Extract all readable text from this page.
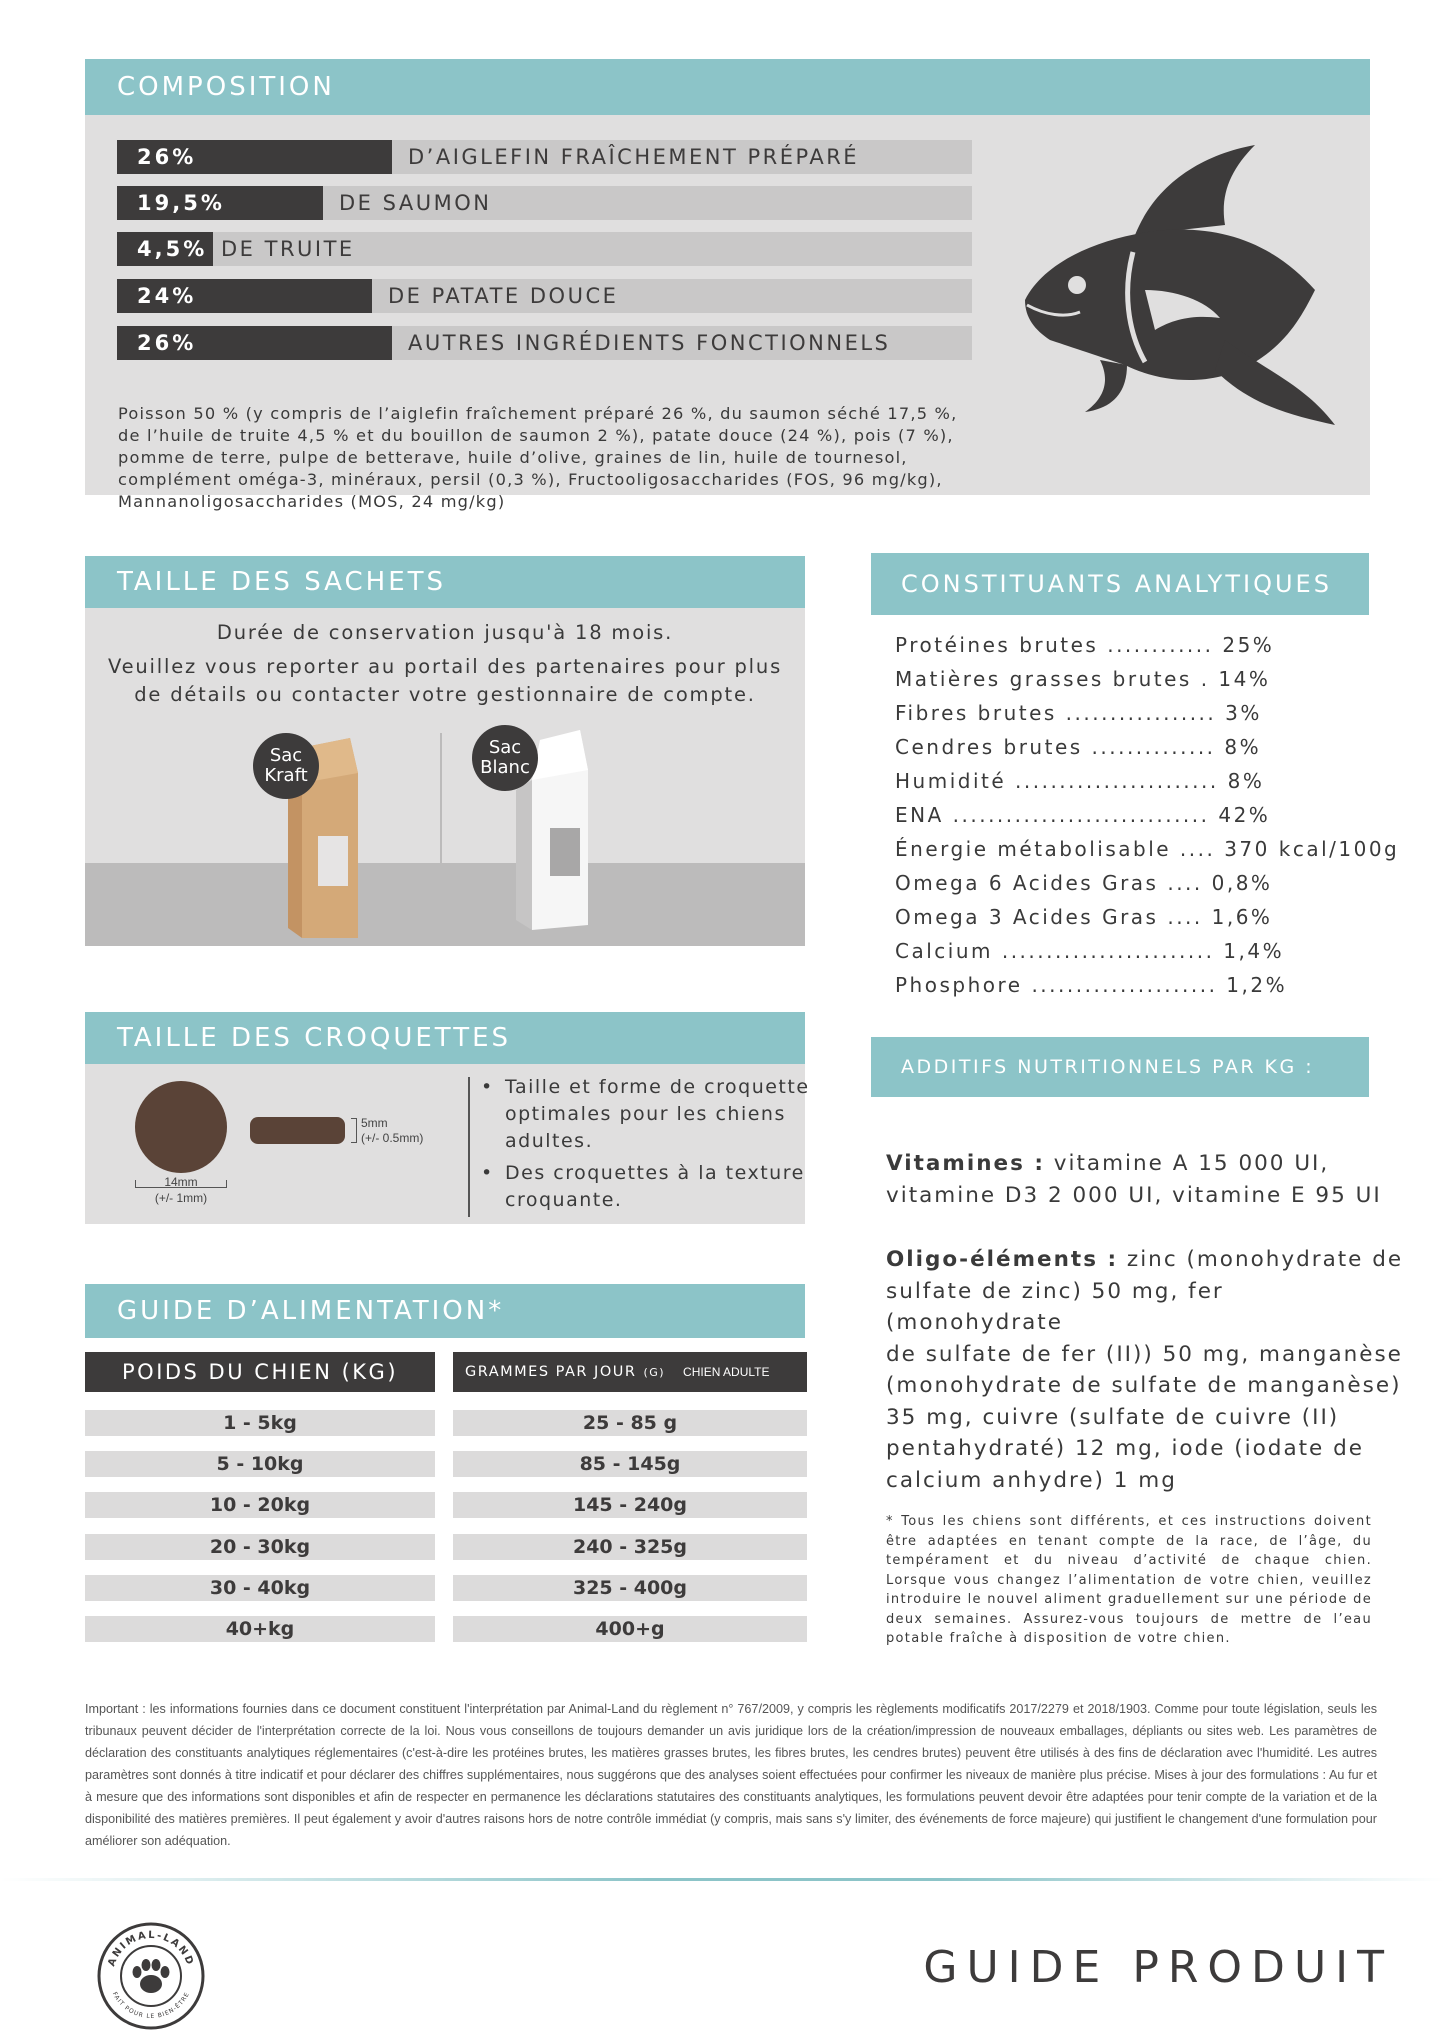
COMPOSITION
26%	D’AIGLEFIN FRAÎCHEMENT PRÉPARÉ
19,5%	DE SAUMON
4,5% DE TRUITE
24%	DE PATATE DOUCE
26%	AUTRES INGRÉDIENTS FONCTIONNELS
Poisson 50 % (y compris de l’aiglefin fraîchement préparé 26 %, du saumon séché 17,5 %,
de l’huile de truite 4,5 % et du bouillon de saumon 2 %), patate douce (24 %), pois (7 %),
pomme de terre, pulpe de betterave, huile d’olive, graines de lin, huile de tournesol,
complément oméga-3, minéraux, persil (0,3 %), Fructooligosaccharides (FOS, 96 mg/kg),
Mannanoligosaccharides (MOS, 24 mg/kg)
TAILLE DES SACHETS
Durée de conservation jusqu'à 18 mois.
Veuillez vous reporter au portail des partenaires pour plus
de détails ou contacter votre gestionnaire de compte.
Sac
Kraft
Sac
Blanc
TAILLE DES CROQUETTES
14mm
(+/- 1mm)
5mm
(+/- 0.5mm)
• Taille et forme de croquette
optimales pour les chiens
adultes.
• Des croquettes à la texture
croquante.
GUIDE D’ALIMENTATION*
POIDS DU CHIEN (KG)	GRAMMES PAR JOUR (G) CHIEN ADULTE
1 - 5kg	25 - 85 g
5 - 10kg	85 - 145g
10 - 20kg	145 - 240g
20 - 30kg	240 - 325g
30 - 40kg	325 - 400g
40+kg	400+g
CONSTITUANTS ANALYTIQUES
Protéines brutes ............ 25%
Matières grasses brutes . 14%
Fibres brutes ................. 3%
Cendres brutes .............. 8%
Humidité ....................... 8%
ENA ............................. 42%
Énergie métabolisable .... 370 kcal/100g
Omega 6 Acides Gras .... 0,8%
Omega 3 Acides Gras .... 1,6%
Calcium ........................ 1,4%
Phosphore ..................... 1,2%
ADDITIFS NUTRITIONNELS PAR KG :
Vitamines : vitamine A 15 000 UI,
vitamine D3 2 000 UI, vitamine E 95 UI
Oligo-éléments : zinc (monohydrate de
sulfate de zinc) 50 mg, fer (monohydrate
de sulfate de fer (II)) 50 mg, manganèse
(monohydrate de sulfate de manganèse)
35 mg, cuivre (sulfate de cuivre (II)
pentahydraté) 12 mg, iode (iodate de
calcium anhydre) 1 mg
* Tous les chiens sont différents, et ces instructions doivent être adaptées en tenant compte de la race, de l’âge, du tempérament et du niveau d’activité de chaque chien. Lorsque vous changez l’alimentation de votre chien, veuillez introduire le nouvel aliment graduellement sur une période de deux semaines. Assurez-vous toujours de mettre de l’eau potable fraîche à disposition de votre chien.
Important : les informations fournies dans ce document constituent l'interprétation par Animal-Land du règlement n° 767/2009, y compris les règlements modificatifs 2017/2279 et 2018/1903. Comme pour toute législation, seuls les tribunaux peuvent décider de l'interprétation correcte de la loi. Nous vous conseillons de toujours demander un avis juridique lors de la création/impression de nouveaux emballages, dépliants ou sites web. Les paramètres de déclaration des constituants analytiques réglementaires (c'est-à-dire les protéines brutes, les matières grasses brutes, les fibres brutes, les cendres brutes) peuvent être utilisés à des fins de déclaration avec l'humidité. Les autres paramètres sont donnés à titre indicatif et pour déclarer des chiffres supplémentaires, nous suggérons que des analyses soient effectuées pour confirmer les niveaux de manière plus précise. Mises à jour des formulations : Au fur et à mesure que des informations sont disponibles et afin de respecter en permanence les déclarations statutaires des constituants analytiques, les formulations peuvent devoir être adaptées pour tenir compte de la variation et de la disponibilité des matières premières. Il peut également y avoir d'autres raisons hors de notre contrôle immédiat (y compris, mais sans s'y limiter, des événements de force majeure) qui justifient le changement d'une formulation pour améliorer son adéquation.
ANIMAL-LAND
FAIT POUR LE BIEN-ÊTRE
GUIDE PRODUIT
